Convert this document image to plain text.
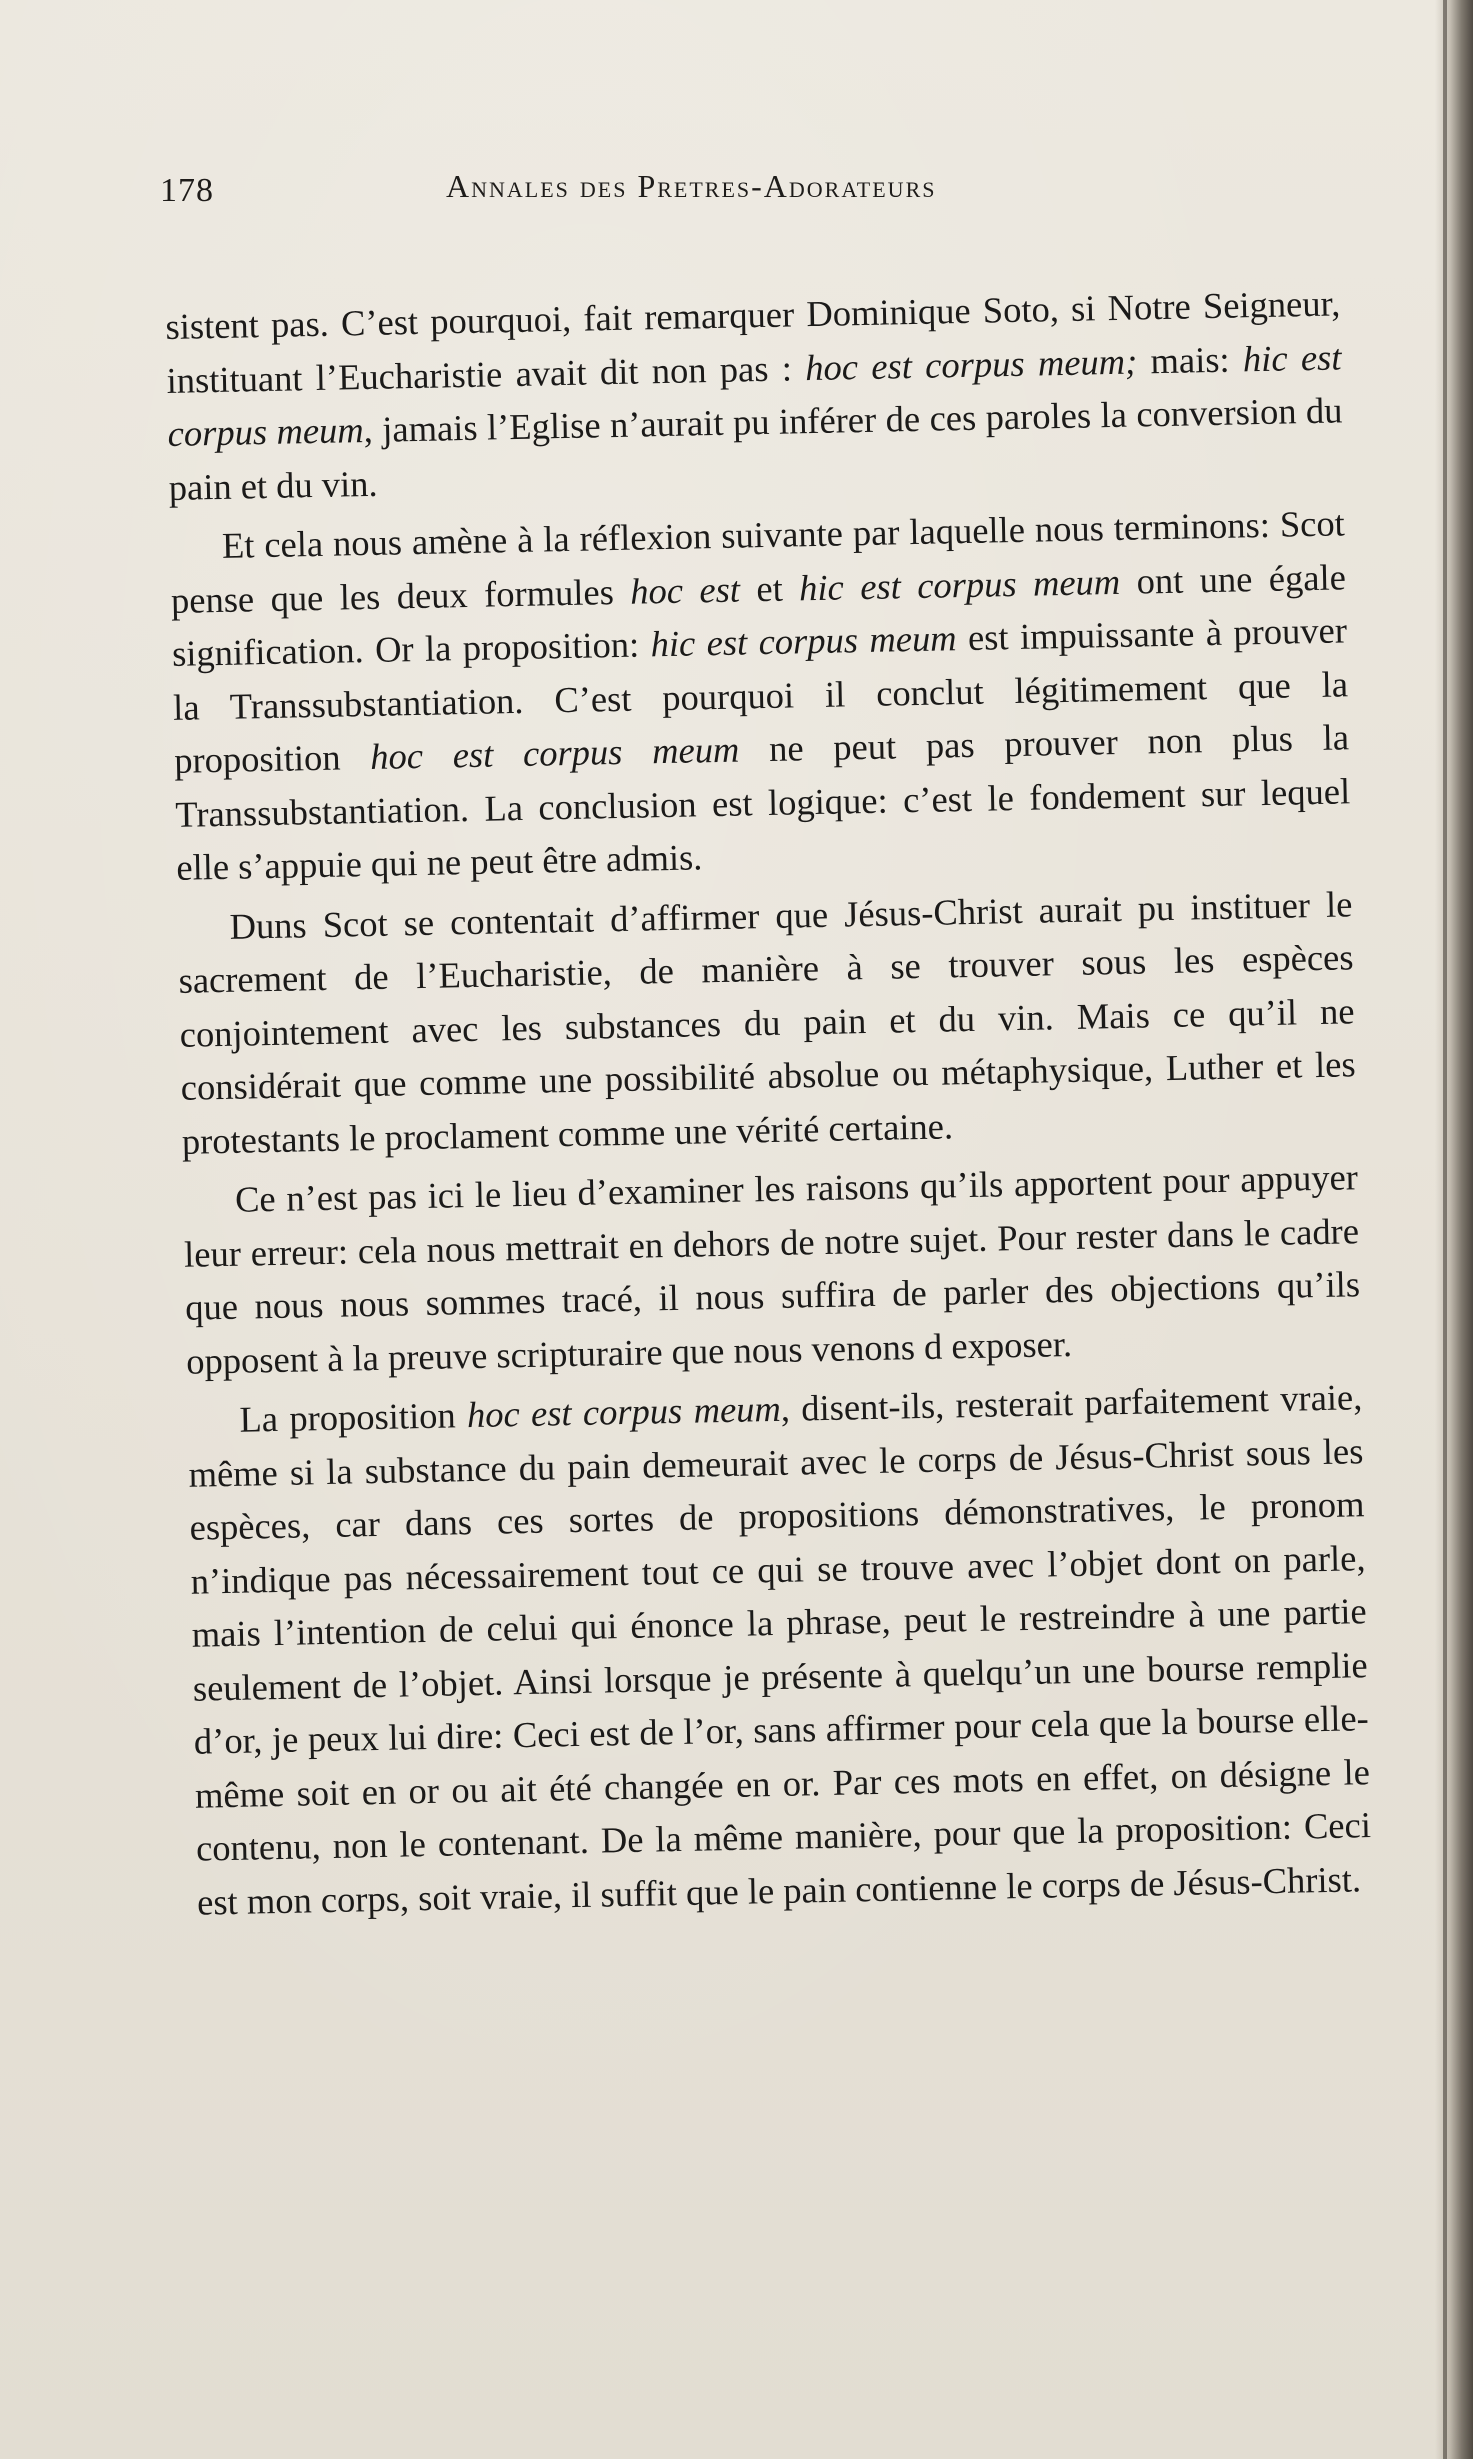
178	Annales des Pretres-Adorateurs

sistent pas. C’est pourquoi, fait remarquer Dominique Soto, si Notre Seigneur, instituant l’Eucharistie avait dit non pas : hoc est corpus meum; mais: hic est corpus meum, jamais l’Eglise n’aurait pu inférer de ces paroles la conversion du pain et du vin.

Et cela nous amène à la réflexion suivante par laquelle nous terminons: Scot pense que les deux formules hoc est et hic est corpus meum ont une égale signification. Or la proposition: hic est corpus meum est impuissante à prouver la Transsubstantiation. C’est pourquoi il conclut légitimement que la proposition hoc est corpus meum ne peut pas prouver non plus la Transsubstantiation. La conclusion est logique: c’est le fondement sur lequel elle s’appuie qui ne peut être admis.

Duns Scot se contentait d’affirmer que Jésus-Christ aurait pu instituer le sacrement de l’Eucharistie, de manière à se trouver sous les espèces conjointement avec les substances du pain et du vin. Mais ce qu’il ne considérait que comme une possibilité absolue ou métaphysique, Luther et les protestants le proclament comme une vérité certaine.

Ce n’est pas ici le lieu d’examiner les raisons qu’ils apportent pour appuyer leur erreur: cela nous mettrait en dehors de notre sujet. Pour rester dans le cadre que nous nous sommes tracé, il nous suffira de parler des objections qu’ils opposent à la preuve scripturaire que nous venons d exposer.

La proposition hoc est corpus meum, disent-ils, resterait parfaitement vraie, même si la substance du pain demeurait avec le corps de Jésus-Christ sous les espèces, car dans ces sortes de propositions démonstratives, le pronom n’indique pas nécessairement tout ce qui se trouve avec l’objet dont on parle, mais l’intention de celui qui énonce la phrase, peut le restreindre à une partie seulement de l’objet. Ainsi lorsque je présente à quelqu’un une bourse remplie d’or, je peux lui dire: Ceci est de l’or, sans affirmer pour cela que la bourse elle-même soit en or ou ait été changée en or. Par ces mots en effet, on désigne le contenu, non le contenant. De la même manière, pour que la proposition: Ceci est mon corps, soit vraie, il suffit que le pain contienne le corps de Jésus-Christ.
